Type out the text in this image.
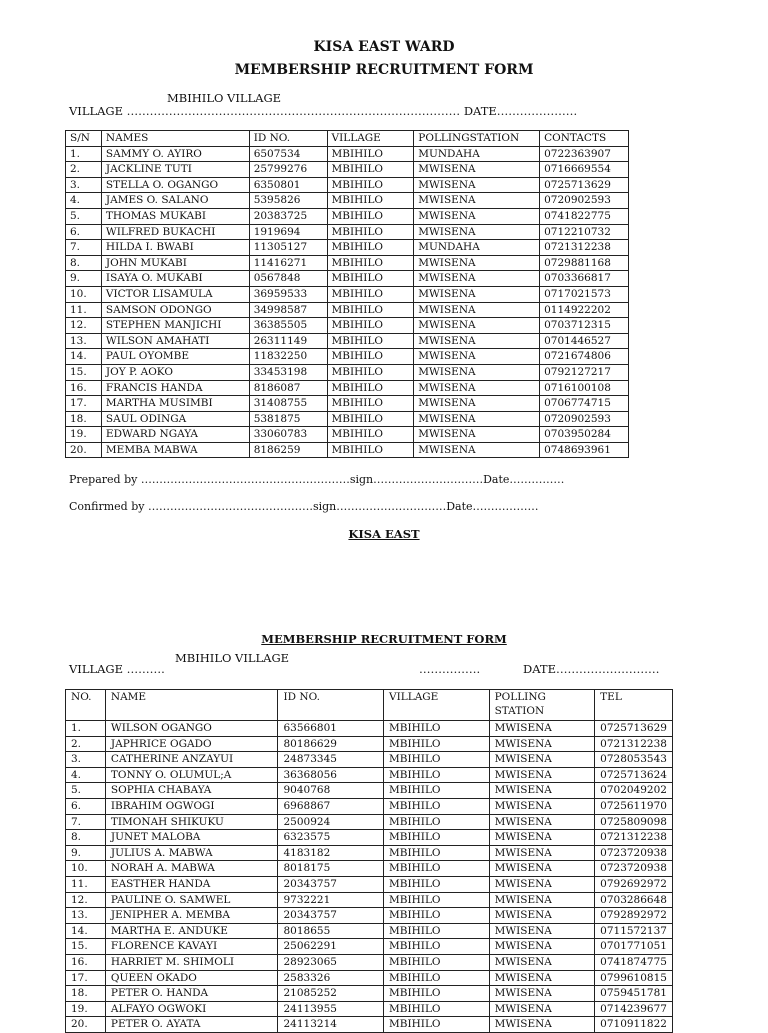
KISA EAST WARD
MEMBERSHIP RECRUITMENT FORM
MBIHILO VILLAGE
VILLAGE …………………………………………………………………………… DATE…………………
S/N	NAMES	ID NO.	VILLAGE	POLLINGSTATION	CONTACTS
1.	SAMMY O. AYIRO	6507534	MBIHILO	MUNDAHA	0722363907
2.	JACKLINE TUTI	25799276	MBIHILO	MWISENA	0716669554
3.	STELLA O. OGANGO	6350801	MBIHILO	MWISENA	0725713629
4.	JAMES O. SALANO	5395826	MBIHILO	MWISENA	0720902593
5.	THOMAS MUKABI	20383725	MBIHILO	MWISENA	0741822775
6.	WILFRED BUKACHI	1919694	MBIHILO	MWISENA	0712210732
7.	HILDA I. BWABI	11305127	MBIHILO	MUNDAHA	0721312238
8.	JOHN MUKABI	11416271	MBIHILO	MWISENA	0729881168
9.	ISAYA O. MUKABI	0567848	MBIHILO	MWISENA	0703366817
10.	VICTOR LISAMULA	36959533	MBIHILO	MWISENA	0717021573
11.	SAMSON ODONGO	34998587	MBIHILO	MWISENA	0114922202
12.	STEPHEN MANJICHI	36385505	MBIHILO	MWISENA	0703712315
13.	WILSON AMAHATI	26311149	MBIHILO	MWISENA	0701446527
14.	PAUL OYOMBE	11832250	MBIHILO	MWISENA	0721674806
15.	JOY P. AOKO	33453198	MBIHILO	MWISENA	0792127217
16.	FRANCIS HANDA	8186087	MBIHILO	MWISENA	0716100108
17.	MARTHA MUSIMBI	31408755	MBIHILO	MWISENA	0706774715
18.	SAUL ODINGA	5381875	MBIHILO	MWISENA	0720902593
19.	EDWARD NGAYA	33060783	MBIHILO	MWISENA	0703950284
20.	MEMBA MABWA	8186259	MBIHILO	MWISENA	0748693961
Prepared by …………………………………………………sign…………………………Date……………
Confirmed by ………………………………………sign…………………………Date………………
KISA EAST
MEMBERSHIP RECRUITMENT FORM
MBIHILO VILLAGE
VILLAGE ……….	…………….	DATE………………………
NO.	NAME	ID NO.	VILLAGE	POLLING STATION	TEL
1.	WILSON OGANGO	63566801	MBIHILO	MWISENA	0725713629
2.	JAPHRICE OGADO	80186629	MBIHILO	MWISENA	0721312238
3.	CATHERINE ANZAYUI	24873345	MBIHILO	MWISENA	0728053543
4.	TONNY O. OLUMUL;A	36368056	MBIHILO	MWISENA	0725713624
5.	SOPHIA CHABAYA	9040768	MBIHILO	MWISENA	0702049202
6.	IBRAHIM OGWOGI	6968867	MBIHILO	MWISENA	0725611970
7.	TIMONAH SHIKUKU	2500924	MBIHILO	MWISENA	0725809098
8.	JUNET MALOBA	6323575	MBIHILO	MWISENA	0721312238
9.	JULIUS A. MABWA	4183182	MBIHILO	MWISENA	0723720938
10.	NORAH A. MABWA	8018175	MBIHILO	MWISENA	0723720938
11.	EASTHER HANDA	20343757	MBIHILO	MWISENA	0792692972
12.	PAULINE O. SAMWEL	9732221	MBIHILO	MWISENA	0703286648
13.	JENIPHER A. MEMBA	20343757	MBIHILO	MWISENA	0792892972
14.	MARTHA E. ANDUKE	8018655	MBIHILO	MWISENA	0711572137
15.	FLORENCE KAVAYI	25062291	MBIHILO	MWISENA	0701771051
16.	HARRIET M. SHIMOLI	28923065	MBIHILO	MWISENA	0741874775
17.	QUEEN OKADO	2583326	MBIHILO	MWISENA	0799610815
18.	PETER O. HANDA	21085252	MBIHILO	MWISENA	0759451781
19.	ALFAYO OGWOKI	24113955	MBIHILO	MWISENA	0714239677
20.	PETER O. AYATA	24113214	MBIHILO	MWISENA	0710911822
